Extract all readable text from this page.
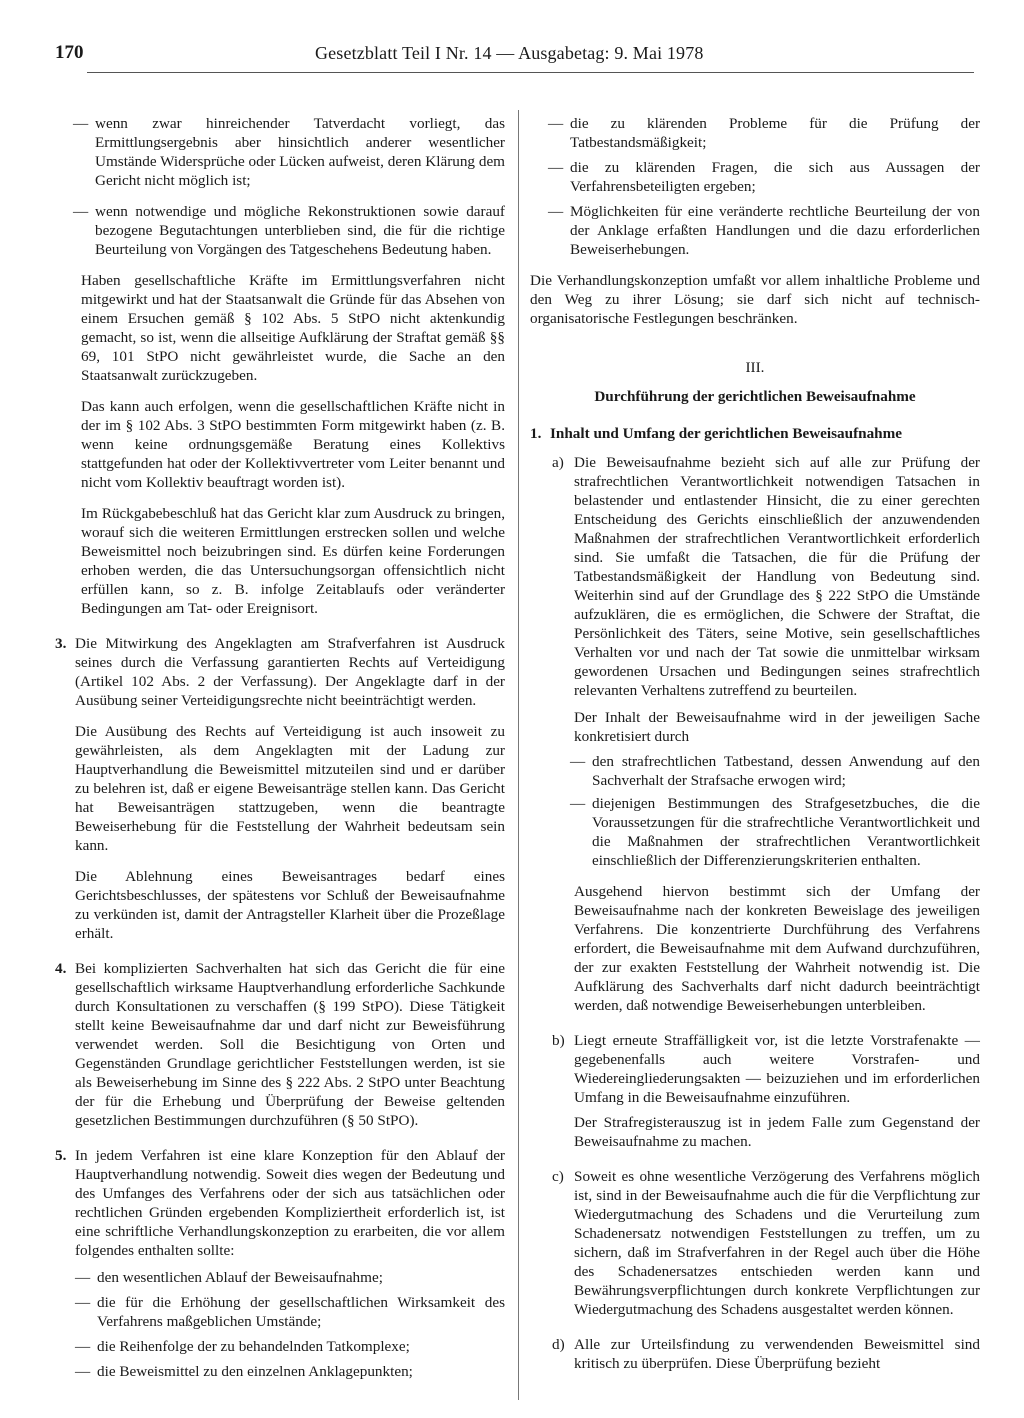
170	Gesetzblatt Teil I Nr. 14 — Ausgabetag: 9. Mai 1978
— wenn zwar hinreichender Tatverdacht vorliegt, das Ermittlungsergebnis aber hinsichtlich anderer wesentlicher Umstände Widersprüche oder Lücken aufweist, deren Klärung dem Gericht nicht möglich ist;
— wenn notwendige und mögliche Rekonstruktionen sowie darauf bezogene Begutachtungen unterblieben sind, die für die richtige Beurteilung von Vorgängen des Tatgeschehens Bedeutung haben.

Haben gesellschaftliche Kräfte im Ermittlungsverfahren nicht mitgewirkt und hat der Staatsanwalt die Gründe für das Absehen von einem Ersuchen gemäß § 102 Abs. 5 StPO nicht aktenkundig gemacht, so ist, wenn die allseitige Aufklärung der Straftat gemäß §§ 69, 101 StPO nicht gewährleistet wurde, die Sache an den Staatsanwalt zurückzugeben.

Das kann auch erfolgen, wenn die gesellschaftlichen Kräfte nicht in der im § 102 Abs. 3 StPO bestimmten Form mitgewirkt haben (z. B. wenn keine ordnungsgemäße Beratung eines Kollektivs stattgefunden hat oder der Kollektivvertreter vom Leiter benannt und nicht vom Kollektiv beauftragt worden ist).

Im Rückgabebeschluß hat das Gericht klar zum Ausdruck zu bringen, worauf sich die weiteren Ermittlungen erstrecken sollen und welche Beweismittel noch beizubringen sind. Es dürfen keine Forderungen erhoben werden, die das Untersuchungsorgan offensichtlich nicht erfüllen kann, so z. B. infolge Zeitablaufs oder veränderter Bedingungen am Tat- oder Ereignisort.

3. Die Mitwirkung des Angeklagten am Strafverfahren ist Ausdruck seines durch die Verfassung garantierten Rechts auf Verteidigung (Artikel 102 Abs. 2 der Verfassung). Der Angeklagte darf in der Ausübung seiner Verteidigungsrechte nicht beeinträchtigt werden.

Die Ausübung des Rechts auf Verteidigung ist auch insoweit zu gewährleisten, als dem Angeklagten mit der Ladung zur Hauptverhandlung die Beweismittel mitzuteilen sind und er darüber zu belehren ist, daß er eigene Beweisanträge stellen kann. Das Gericht hat Beweisanträgen stattzugeben, wenn die beantragte Beweiserhebung für die Feststellung der Wahrheit bedeutsam sein kann.

Die Ablehnung eines Beweisantrages bedarf eines Gerichtsbeschlusses, der spätestens vor Schluß der Beweisaufnahme zu verkünden ist, damit der Antragsteller Klarheit über die Prozeßlage erhält.

4. Bei komplizierten Sachverhalten hat sich das Gericht die für eine gesellschaftlich wirksame Hauptverhandlung erforderliche Sachkunde durch Konsultationen zu verschaffen (§ 199 StPO). Diese Tätigkeit stellt keine Beweisaufnahme dar und darf nicht zur Beweisführung verwendet werden. Soll die Besichtigung von Orten und Gegenständen Grundlage gerichtlicher Feststellungen werden, ist sie als Beweiserhebung im Sinne des § 222 Abs. 2 StPO unter Beachtung der für die Erhebung und Überprüfung der Beweise geltenden gesetzlichen Bestimmungen durchzuführen (§ 50 StPO).
5. In jedem Verfahren ist eine klare Konzeption für den Ablauf der Hauptverhandlung notwendig. Soweit dies wegen der Bedeutung und des Umfanges des Verfahrens oder der sich aus tatsächlichen oder rechtlichen Gründen ergebenden Kompliziertheit erforderlich ist, ist eine schriftliche Verhandlungskonzeption zu erarbeiten, die vor allem folgendes enthalten sollte:
— den wesentlichen Ablauf der Beweisaufnahme;
— die für die Erhöhung der gesellschaftlichen Wirksamkeit des Verfahrens maßgeblichen Umstände;
— die Reihenfolge der zu behandelnden Tatkomplexe;
— die Beweismittel zu den einzelnen Anklagepunkten;
— die zu klärenden Probleme für die Prüfung der Tatbestandsmäßigkeit;
— die zu klärenden Fragen, die sich aus Aussagen der Verfahrensbeteiligten ergeben;
— Möglichkeiten für eine veränderte rechtliche Beurteilung der von der Anklage erfaßten Handlungen und die dazu erforderlichen Beweiserhebungen.

Die Verhandlungskonzeption umfaßt vor allem inhaltliche Probleme und den Weg zu ihrer Lösung; sie darf sich nicht auf technisch-organisatorische Festlegungen beschränken.

III.
Durchführung der gerichtlichen Beweisaufnahme
1. Inhalt und Umfang der gerichtlichen Beweisaufnahme
a) Die Beweisaufnahme bezieht sich auf alle zur Prüfung der strafrechtlichen Verantwortlichkeit notwendigen Tatsachen in belastender und entlastender Hinsicht, die zu einer gerechten Entscheidung des Gerichts einschließlich der anzuwendenden Maßnahmen der strafrechtlichen Verantwortlichkeit erforderlich sind. Sie umfaßt die Tatsachen, die für die Prüfung der Tatbestandsmäßigkeit der Handlung von Bedeutung sind. Weiterhin sind auf der Grundlage des § 222 StPO die Umstände aufzuklären, die es ermöglichen, die Schwere der Straftat, die Persönlichkeit des Täters, seine Motive, sein gesellschaftliches Verhalten vor und nach der Tat sowie die unmittelbar wirksam gewordenen Ursachen und Bedingungen seines strafrechtlich relevanten Verhaltens zutreffend zu beurteilen.

Der Inhalt der Beweisaufnahme wird in der jeweiligen Sache konkretisiert durch

— den strafrechtlichen Tatbestand, dessen Anwendung auf den Sachverhalt der Strafsache erwogen wird;
— diejenigen Bestimmungen des Strafgesetzbuches, die die Voraussetzungen für die strafrechtliche Verantwortlichkeit und die Maßnahmen der strafrechtlichen Verantwortlichkeit einschließlich der Differenzierungskriterien enthalten.

Ausgehend hiervon bestimmt sich der Umfang der Beweisaufnahme nach der konkreten Beweislage des jeweiligen Verfahrens. Die konzentrierte Durchführung des Verfahrens erfordert, die Beweisaufnahme mit dem Aufwand durchzuführen, der zur exakten Feststellung der Wahrheit notwendig ist. Die Aufklärung des Sachverhalts darf nicht dadurch beeinträchtigt werden, daß notwendige Beweiserhebungen unterbleiben.

b) Liegt erneute Straffälligkeit vor, ist die letzte Vorstrafenakte — gegebenenfalls auch weitere Vorstrafen- und Wiedereingliederungsakten — beizuziehen und im erforderlichen Umfang in die Beweisaufnahme einzuführen.

Der Strafregisterauszug ist in jedem Falle zum Gegenstand der Beweisaufnahme zu machen.

c) Soweit es ohne wesentliche Verzögerung des Verfahrens möglich ist, sind in der Beweisaufnahme auch die für die Verpflichtung zur Wiedergutmachung des Schadens und die Verurteilung zum Schadenersatz notwendigen Feststellungen zu treffen, um zu sichern, daß im Strafverfahren in der Regel auch über die Höhe des Schadenersatzes entschieden werden kann und Bewährungsverpflichtungen durch konkrete Verpflichtungen zur Wiedergutmachung des Schadens ausgestaltet werden können.
d) Alle zur Urteilsfindung zu verwendenden Beweismittel sind kritisch zu überprüfen. Diese Überprüfung bezieht
